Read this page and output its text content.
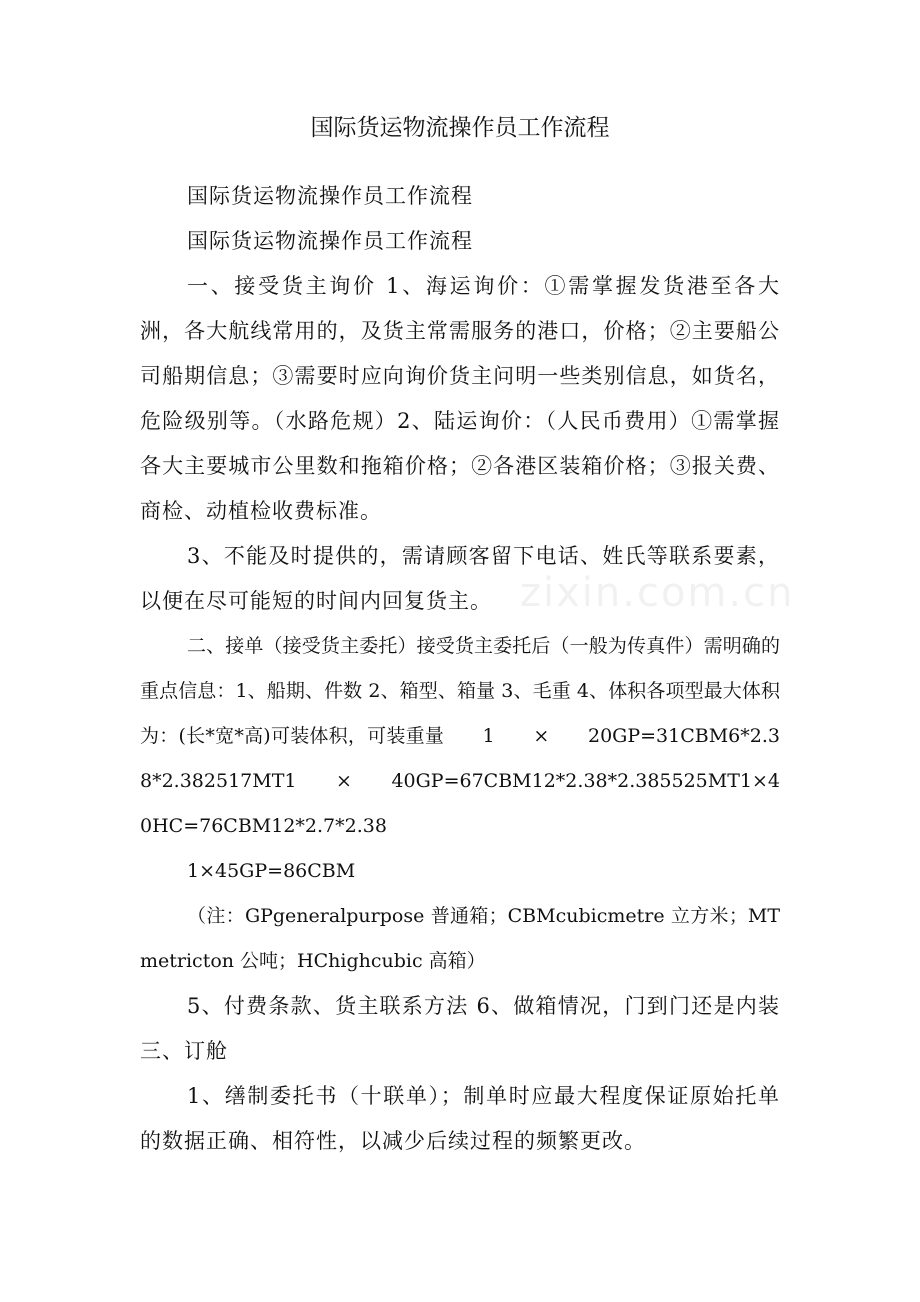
国际货运物流操作员工作流程
zixin.com.cn

国际货运物流操作员工作流程

国际货运物流操作员工作流程

一、接受货主询价 1、海运询价：①需掌握发货港至各大洲，各大航线常用的，及货主常需服务的港口，价格；②主要船公司船期信息；③需要时应向询价货主问明一些类别信息，如货名，危险级别等。（水路危规）2、陆运询价：（人民币费用）①需掌握各大主要城市公里数和拖箱价格；②各港区装箱价格；③报关费、商检、动植检收费标准。

3、不能及时提供的，需请顾客留下电话、姓氏等联系要素，以便在尽可能短的时间内回复货主。

二、接单（接受货主委托）接受货主委托后（一般为传真件）需明确的重点信息：1、船期、件数 2、箱型、箱量 3、毛重 4、体积各项型最大体积为：(长*宽*高)可装体积，可装重量　　1　　×　　20GP=31CBM6*2.38*2.382517MT1　　×　　40GP=67CBM12*2.38*2.385525MT1×40HC=76CBM12*2.7*2.38

1×45GP=86CBM

（注：GPgeneralpurpose 普通箱；CBMcubicmetre 立方米；MTmetricton 公吨；HChighcubic 高箱）

5、付费条款、货主联系方法 6、做箱情况，门到门还是内装三、订舱

1、缮制委托书（十联单）；制单时应最大程度保证原始托单的数据正确、相符性，以减少后续过程的频繁更改。
